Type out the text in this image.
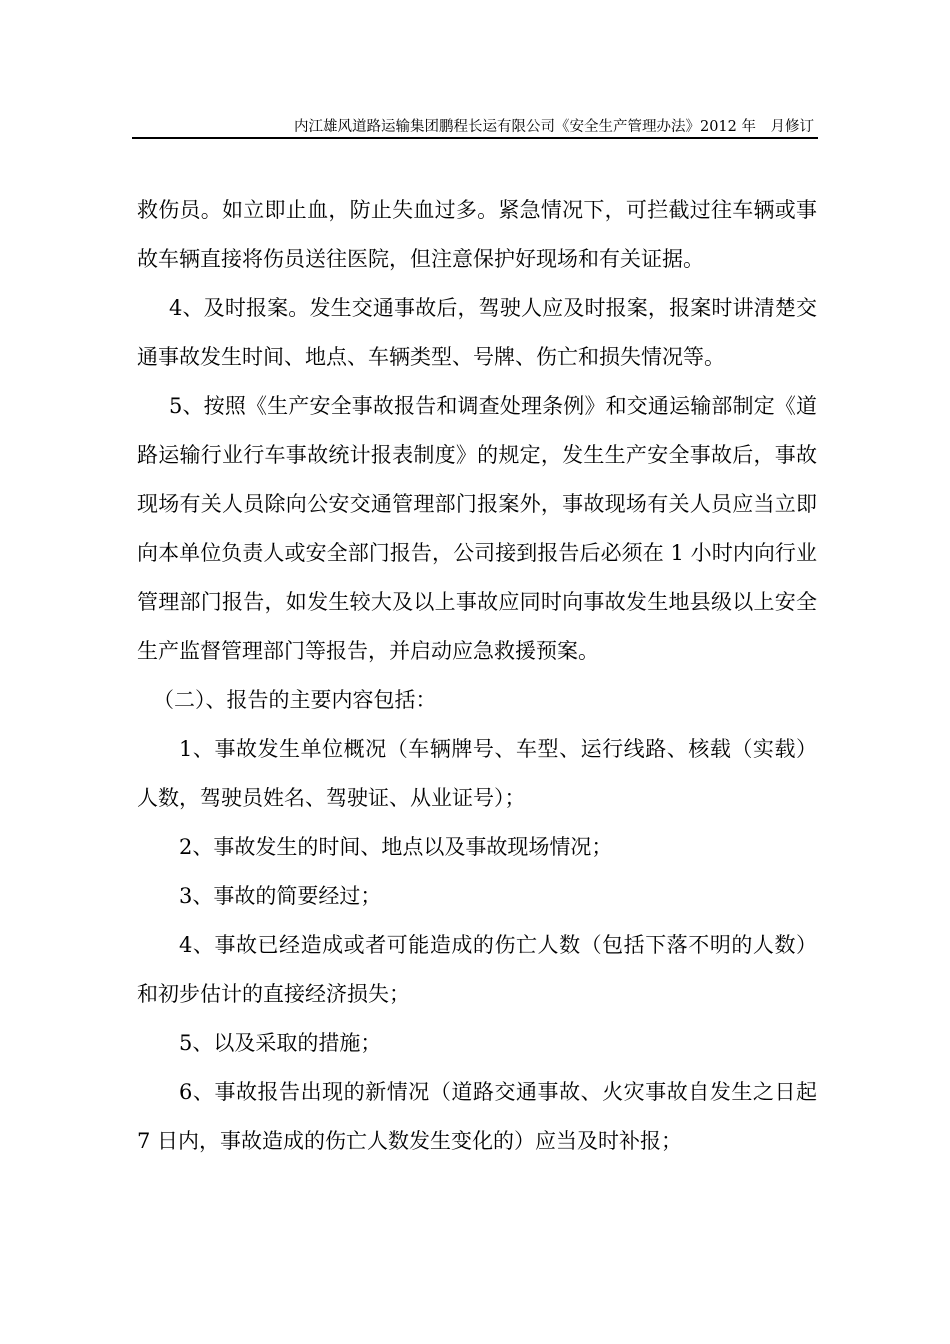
内江雄风道路运输集团鹏程长运有限公司《安全生产管理办法》2012 年　月修订

救伤员。如立即止血，防止失血过多。紧急情况下，可拦截过往车辆或事故车辆直接将伤员送往医院，但注意保护好现场和有关证据。

4、及时报案。发生交通事故后，驾驶人应及时报案，报案时讲清楚交通事故发生时间、地点、车辆类型、号牌、伤亡和损失情况等。

5、按照《生产安全事故报告和调查处理条例》和交通运输部制定《道路运输行业行车事故统计报表制度》的规定，发生生产安全事故后，事故现场有关人员除向公安交通管理部门报案外，事故现场有关人员应当立即向本单位负责人或安全部门报告，公司接到报告后必须在 1 小时内向行业管理部门报告，如发生较大及以上事故应同时向事故发生地县级以上安全生产监督管理部门等报告，并启动应急救援预案。

（二）、报告的主要内容包括：

1、事故发生单位概况（车辆牌号、车型、运行线路、核载（实载）人数，驾驶员姓名、驾驶证、从业证号）；

2、事故发生的时间、地点以及事故现场情况；

3、事故的简要经过；

4、事故已经造成或者可能造成的伤亡人数（包括下落不明的人数）和初步估计的直接经济损失；

5、以及采取的措施；

6、事故报告出现的新情况（道路交通事故、火灾事故自发生之日起 7 日内，事故造成的伤亡人数发生变化的）应当及时补报；
